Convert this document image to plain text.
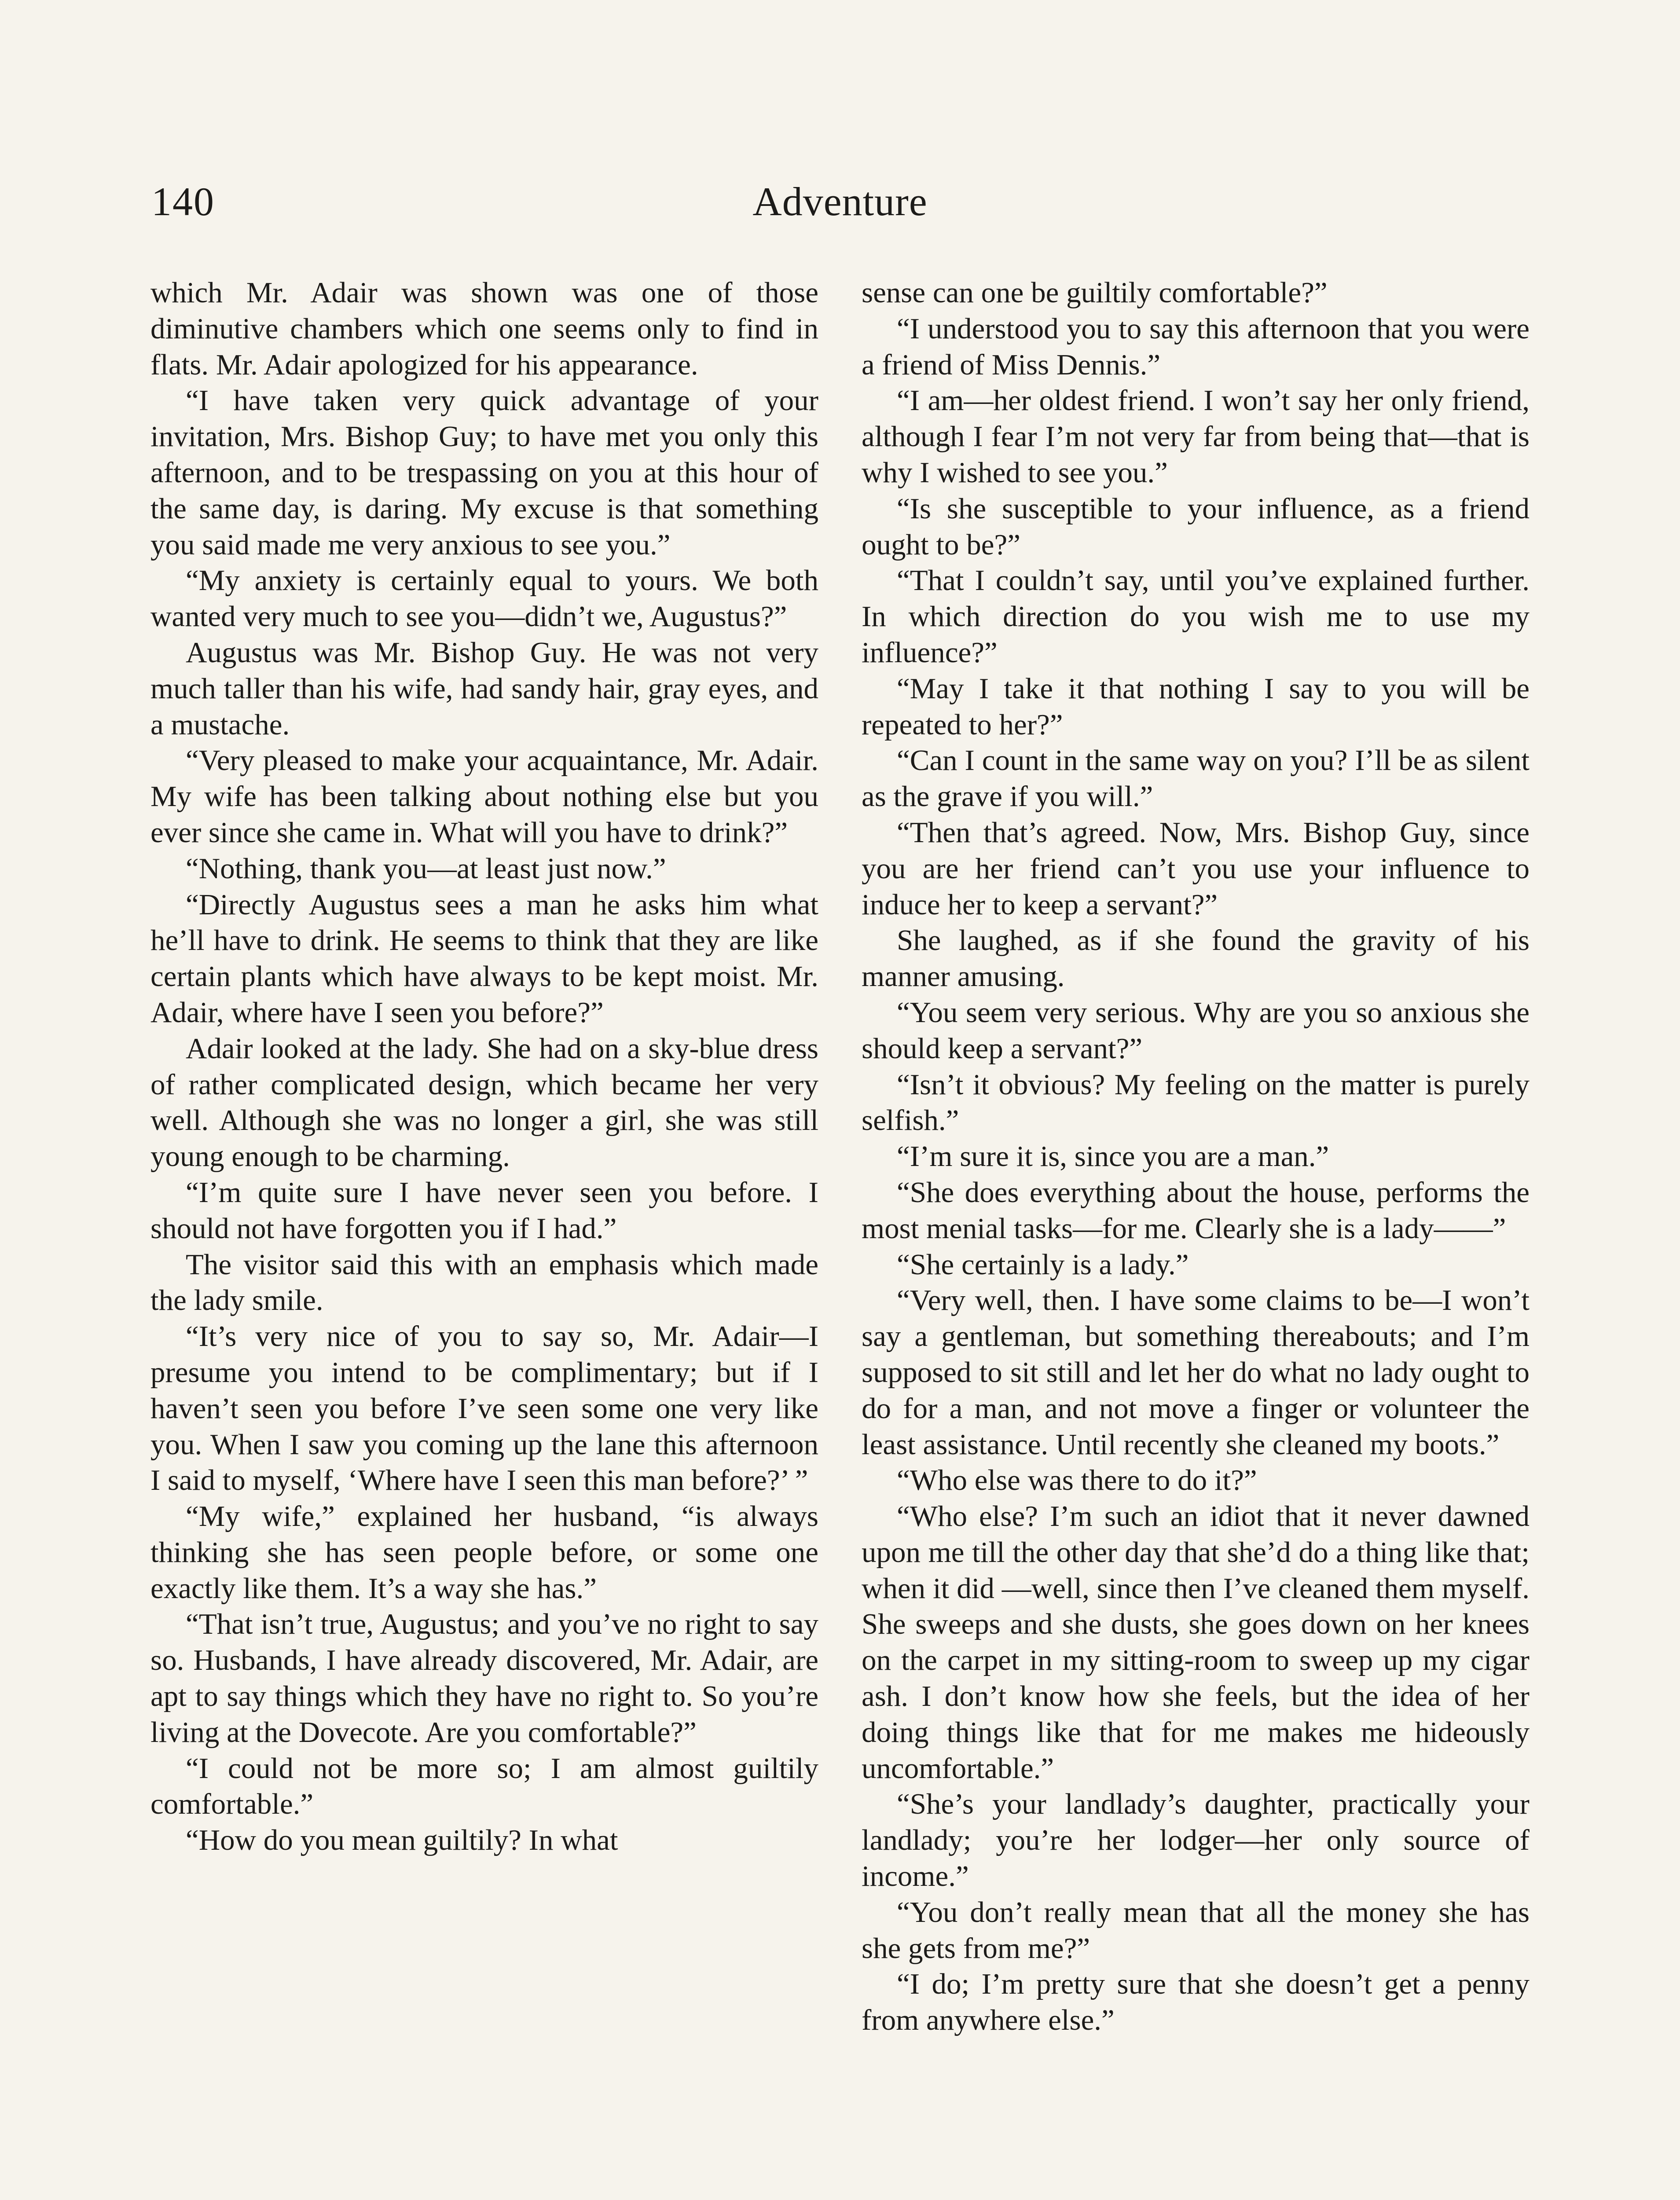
140	Adventure

which Mr. Adair was shown was one of those diminutive chambers which one seems only to find in flats. Mr. Adair apologized for his appearance.

“I have taken very quick advantage of your invitation, Mrs. Bishop Guy; to have met you only this afternoon, and to be trespassing on you at this hour of the same day, is daring. My excuse is that something you said made me very anxious to see you.”

“My anxiety is certainly equal to yours. We both wanted very much to see you—didn’t we, Augustus?”

Augustus was Mr. Bishop Guy. He was not very much taller than his wife, had sandy hair, gray eyes, and a mustache.

“Very pleased to make your acquaintance, Mr. Adair. My wife has been talking about nothing else but you ever since she came in. What will you have to drink?”

“Nothing, thank you—at least just now.”

“Directly Augustus sees a man he asks him what he’ll have to drink. He seems to think that they are like certain plants which have always to be kept moist. Mr. Adair, where have I seen you before?”

Adair looked at the lady. She had on a sky-blue dress of rather complicated design, which became her very well. Although she was no longer a girl, she was still young enough to be charming.

“I’m quite sure I have never seen you before. I should not have forgotten you if I had.”

The visitor said this with an emphasis which made the lady smile.

“It’s very nice of you to say so, Mr. Adair—I presume you intend to be complimentary; but if I haven’t seen you before I’ve seen some one very like you. When I saw you coming up the lane this afternoon I said to myself, ‘Where have I seen this man before?’ ”

“My wife,” explained her husband, “is always thinking she has seen people before, or some one exactly like them. It’s a way she has.”

“That isn’t true, Augustus; and you’ve no right to say so. Husbands, I have already discovered, Mr. Adair, are apt to say things which they have no right to. So you’re living at the Dovecote. Are you comfortable?”

“I could not be more so; I am almost guiltily comfortable.”

“How do you mean guiltily? In what

sense can one be guiltily comfortable?”

“I understood you to say this afternoon that you were a friend of Miss Dennis.”

“I am—her oldest friend. I won’t say her only friend, although I fear I’m not very far from being that—that is why I wished to see you.”

“Is she susceptible to your influence, as a friend ought to be?”

“That I couldn’t say, until you’ve explained further. In which direction do you wish me to use my influence?”

“May I take it that nothing I say to you will be repeated to her?”

“Can I count in the same way on you? I’ll be as silent as the grave if you will.”

“Then that’s agreed. Now, Mrs. Bishop Guy, since you are her friend can’t you use your influence to induce her to keep a servant?”

She laughed, as if she found the gravity of his manner amusing.

“You seem very serious. Why are you so anxious she should keep a servant?”

“Isn’t it obvious? My feeling on the matter is purely selfish.”

“I’m sure it is, since you are a man.”

“She does everything about the house, performs the most menial tasks—for me. Clearly she is a lady——”

“She certainly is a lady.”

“Very well, then. I have some claims to be—I won’t say a gentleman, but something thereabouts; and I’m supposed to sit still and let her do what no lady ought to do for a man, and not move a finger or volunteer the least assistance. Until recently she cleaned my boots.”

“Who else was there to do it?”

“Who else? I’m such an idiot that it never dawned upon me till the other day that she’d do a thing like that; when it did —well, since then I’ve cleaned them myself. She sweeps and she dusts, she goes down on her knees on the carpet in my sitting-room to sweep up my cigar ash. I don’t know how she feels, but the idea of her doing things like that for me makes me hideously uncomfortable.”

“She’s your landlady’s daughter, practically your landlady; you’re her lodger—her only source of income.”

“You don’t really mean that all the money she has she gets from me?”

“I do; I’m pretty sure that she doesn’t get a penny from anywhere else.”
